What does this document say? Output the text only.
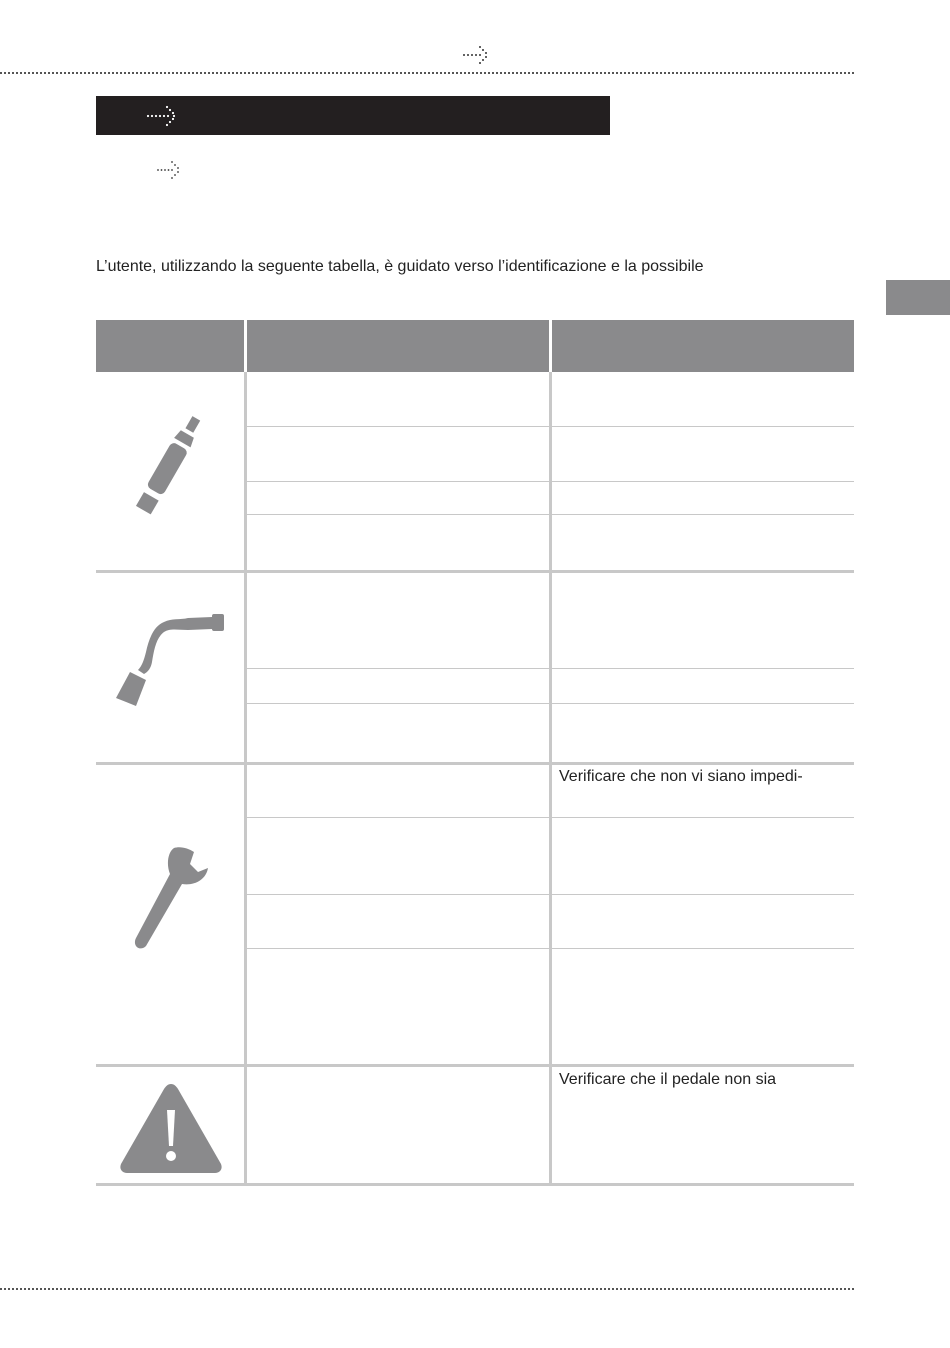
L’utente, utilizzando la seguente tabella, è guidato verso l’identificazione e la possibile

Verificare che non vi siano impedi-
Verificare che il pedale non sia
